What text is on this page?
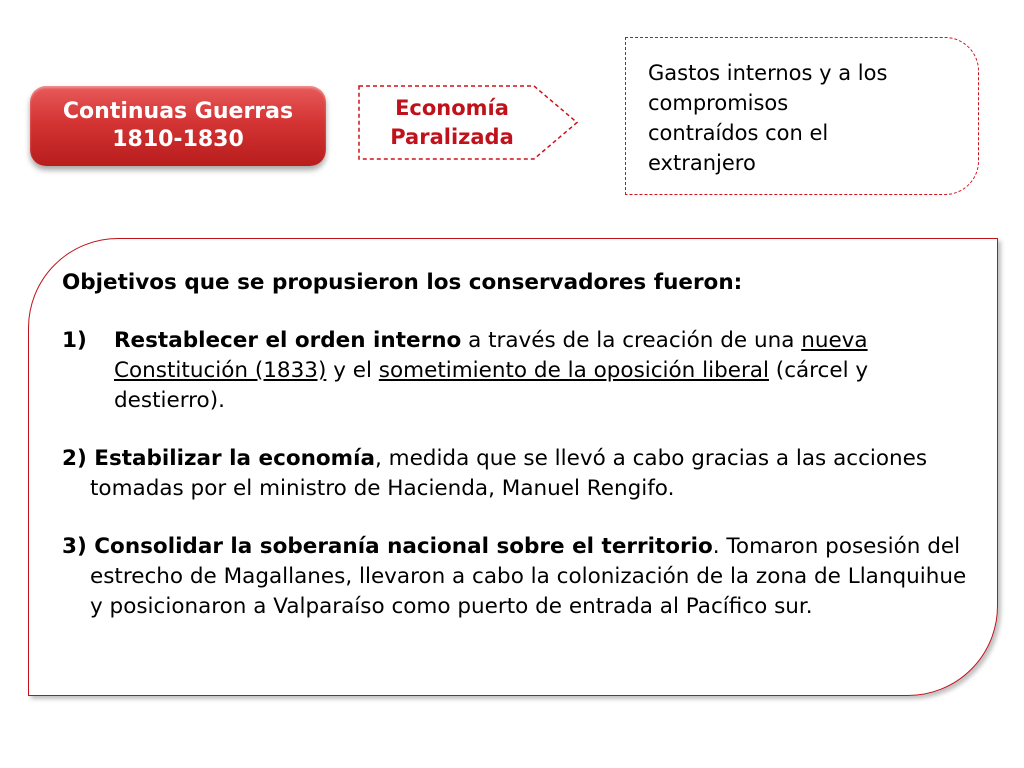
Continuas Guerras
1810-1830
Economía
Paralizada
Gastos internos y a los
compromisos
contraídos con el
extranjero

Objetivos que se propusieron los conservadores fueron:

1) Restablecer el orden interno a través de la creación de una nueva Constitución (1833) y el sometimiento de la oposición liberal (cárcel y destierro).

2) Estabilizar la economía, medida que se llevó a cabo gracias a las acciones tomadas por el ministro de Hacienda, Manuel Rengifo.

3) Consolidar la soberanía nacional sobre el territorio. Tomaron posesión del estrecho de Magallanes, llevaron a cabo la colonización de la zona de Llanquihue y posicionaron a Valparaíso como puerto de entrada al Pacífico sur.
